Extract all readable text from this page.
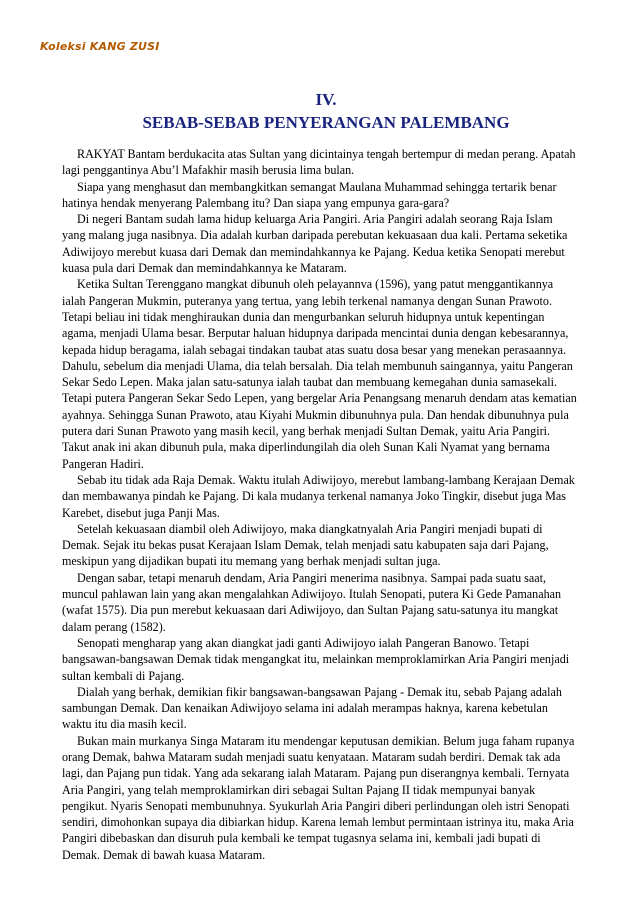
Koleksi KANG ZUSI
IV.
SEBAB-SEBAB PENYERANGAN PALEMBANG

RAKYAT Bantam berdukacita atas Sultan yang dicintainya tengah bertempur di medan perang. Apatah lagi penggantinya Abu’l Mafakhir masih berusia lima bulan.

Siapa yang menghasut dan membangkitkan semangat Maulana Muhammad sehingga tertarik benar hatinya hendak menyerang Palembang itu? Dan siapa yang empunya gara-gara?

Di negeri Bantam sudah lama hidup keluarga Aria Pangiri. Aria Pangiri adalah seorang Raja Islam yang malang juga nasibnya. Dia adalah kurban daripada perebutan kekuasaan dua kali. Pertama seketika Adiwijoyo merebut kuasa dari Demak dan memindahkannya ke Pajang. Kedua ketika Senopati merebut kuasa pula dari Demak dan memindahkannya ke Mataram.

Ketika Sultan Terenggano mangkat dibunuh oleh pelayannva (1596), yang patut menggantikannya ialah Pangeran Mukmin, puteranya yang tertua, yang lebih terkenal namanya dengan Sunan Prawoto. Tetapi beliau ini tidak menghiraukan dunia dan mengurbankan seluruh hidupnya untuk kepentingan agama, menjadi Ulama besar. Berputar haluan hidupnya daripada mencintai dunia dengan kebesarannya, kepada hidup beragama, ialah sebagai tindakan taubat atas suatu dosa besar yang menekan perasaannya. Dahulu, sebelum dia menjadi Ulama, dia telah bersalah. Dia telah membunuh saingannya, yaitu Pangeran Sekar Sedo Lepen. Maka jalan satu-satunya ialah taubat dan membuang kemegahan dunia samasekali. Tetapi putera Pangeran Sekar Sedo Lepen, yang bergelar Aria Penangsang menaruh dendam atas kematian ayahnya. Sehingga Sunan Prawoto, atau Kiyahi Mukmin dibunuhnya pula. Dan hendak dibunuhnya pula putera dari Sunan Prawoto yang masih kecil, yang berhak menjadi Sultan Demak, yaitu Aria Pangiri. Takut anak ini akan dibunuh pula, maka diperlindungilah dia oleh Sunan Kali Nyamat yang bernama Pangeran Hadiri.

Sebab itu tidak ada Raja Demak. Waktu itulah Adiwijoyo, merebut lambang-lambang Kerajaan Demak dan membawanya pindah ke Pajang. Di kala mudanya terkenal namanya Joko Tingkir, disebut juga Mas Karebet, disebut juga Panji Mas.

Setelah kekuasaan diambil oleh Adiwijoyo, maka diangkatnyalah Aria Pangiri menjadi bupati di Demak. Sejak itu bekas pusat Kerajaan Islam Demak, telah menjadi satu kabupaten saja dari Pajang, meskipun yang dijadikan bupati itu memang yang berhak menjadi sultan juga.

Dengan sabar, tetapi menaruh dendam, Aria Pangiri menerima nasibnya. Sampai pada suatu saat, muncul pahlawan lain yang akan mengalahkan Adiwijoyo. Itulah Senopati, putera Ki Gede Pamanahan (wafat 1575). Dia pun merebut kekuasaan dari Adiwijoyo, dan Sultan Pajang satu-satunya itu mangkat dalam perang (1582).

Senopati mengharap yang akan diangkat jadi ganti Adiwijoyo ialah Pangeran Banowo. Tetapi bangsawan-bangsawan Demak tidak mengangkat itu, melainkan memproklamirkan Aria Pangiri menjadi sultan kembali di Pajang.

Dialah yang berhak, demikian fikir bangsawan-bangsawan Pajang - Demak itu, sebab Pajang adalah sambungan Demak. Dan kenaikan Adiwijoyo selama ini adalah merampas haknya, karena kebetulan waktu itu dia masih kecil.

Bukan main murkanya Singa Mataram itu mendengar keputusan demikian. Belum juga faham rupanya orang Demak, bahwa Mataram sudah menjadi suatu kenyataan. Mataram sudah berdiri. Demak tak ada lagi, dan Pajang pun tidak. Yang ada sekarang ialah Mataram. Pajang pun diserangnya kembali. Ternyata Aria Pangiri, yang telah memproklamirkan diri sebagai Sultan Pajang II tidak mempunyai banyak pengikut. Nyaris Senopati membunuhnya. Syukurlah Aria Pangiri diberi perlindungan oleh istri Senopati sendiri, dimohonkan supaya dia dibiarkan hidup. Karena lemah lembut permintaan istrinya itu, maka Aria Pangiri dibebaskan dan disuruh pula kembali ke tempat tugasnya selama ini, kembali jadi bupati di Demak. Demak di bawah kuasa Mataram.
